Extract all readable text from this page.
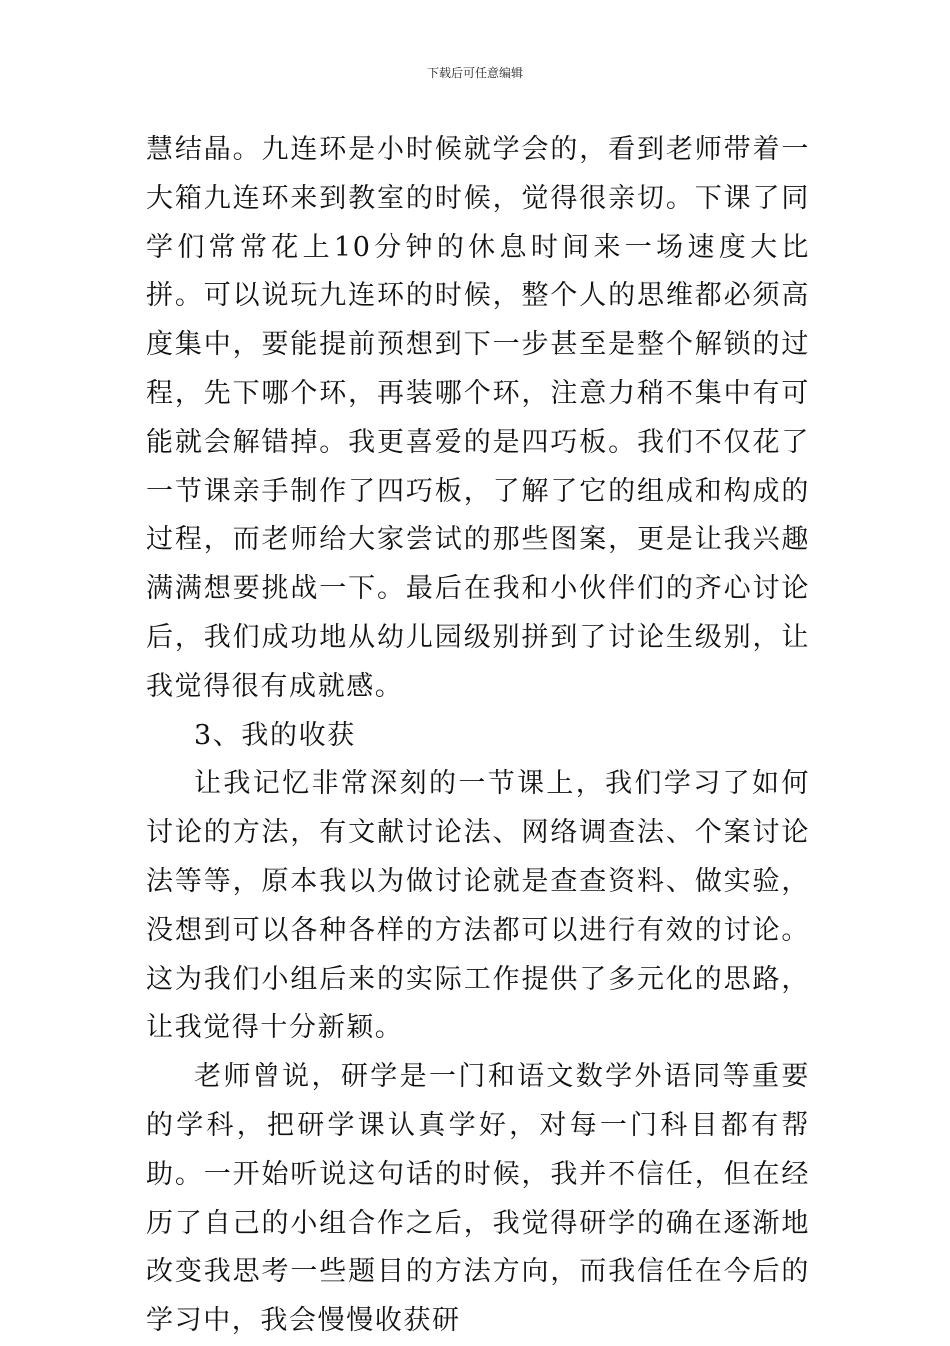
下载后可任意编辑

慧结晶。九连环是小时候就学会的，看到老师带着一大箱九连环来到教室的时候，觉得很亲切。下课了同学们常常花上10分钟的休息时间来一场速度大比拼。可以说玩九连环的时候，整个人的思维都必须高度集中，要能提前预想到下一步甚至是整个解锁的过程，先下哪个环，再装哪个环，注意力稍不集中有可能就会解错掉。我更喜爱的是四巧板。我们不仅花了一节课亲手制作了四巧板，了解了它的组成和构成的过程，而老师给大家尝试的那些图案，更是让我兴趣满满想要挑战一下。最后在我和小伙伴们的齐心讨论后，我们成功地从幼儿园级别拼到了讨论生级别，让我觉得很有成就感。

3、我的收获

让我记忆非常深刻的一节课上，我们学习了如何讨论的方法，有文献讨论法、网络调查法、个案讨论法等等，原本我以为做讨论就是查查资料、做实验，没想到可以各种各样的方法都可以进行有效的讨论。这为我们小组后来的实际工作提供了多元化的思路，让我觉得十分新颖。

老师曾说，研学是一门和语文数学外语同等重要的学科，把研学课认真学好，对每一门科目都有帮助。一开始听说这句话的时候，我并不信任，但在经历了自己的小组合作之后，我觉得研学的确在逐渐地改变我思考一些题目的方法方向，而我信任在今后的学习中，我会慢慢收获研
